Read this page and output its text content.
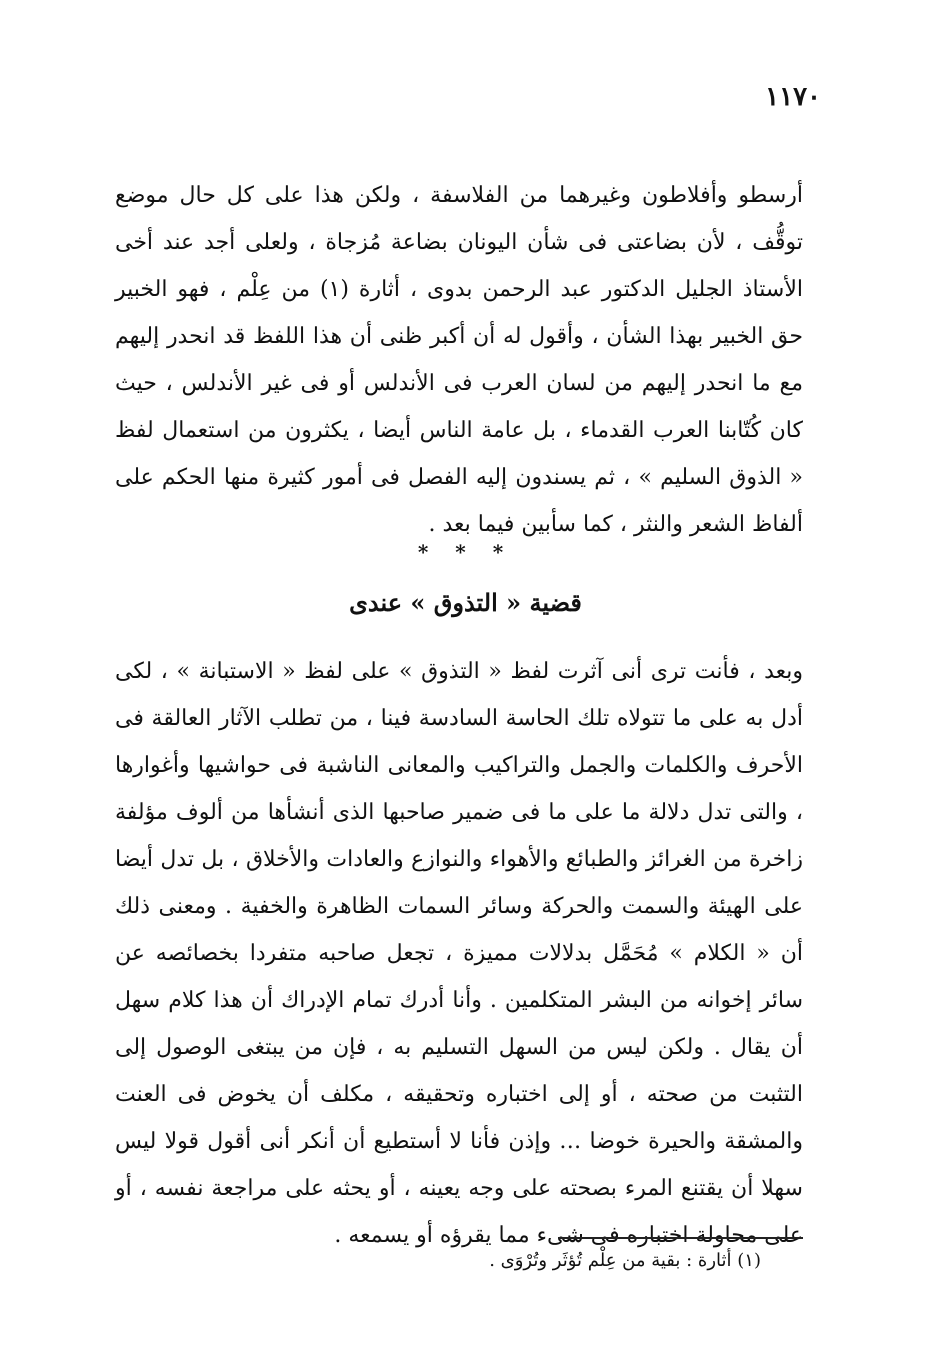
١١٧٠

أرسطو وأفلاطون وغيرهما من الفلاسفة ، ولكن هذا على كل حال موضع توقُّف ، لأن بضاعتى فى شأن اليونان بضاعة مُزجاة ، ولعلى أجد عند أخى الأستاذ الجليل الدكتور عبد الرحمن بدوى ، أثارة (١) من عِلْم ، فهو الخبير حق الخبير بهذا الشأن ، وأقول له أن أكبر ظنى أن هذا اللفظ قد انحدر إليهم مع ما انحدر إليهم من لسان العرب فى الأندلس أو فى غير الأندلس ، حيث كان كُتّابنا العرب القدماء ، بل عامة الناس أيضا ، يكثرون من استعمال لفظ « الذوق السليم » ، ثم يسندون إليه الفصل فى أمور كثيرة منها الحكم على ألفاظ الشعر والنثر ، كما سأبين فيما بعد .

* * *
قضية « التذوق » عندى

وبعد ، فأنت ترى أنى آثرت لفظ « التذوق » على لفظ « الاستبانة » ، لكى أدل به على ما تتولاه تلك الحاسة السادسة فينا ، من تطلب الآثار العالقة فى الأحرف والكلمات والجمل والتراكيب والمعانى الناشبة فى حواشيها وأغوارها ، والتى تدل دلالة ما على ما فى ضمير صاحبها الذى أنشأها من ألوف مؤلفة زاخرة من الغرائز والطبائع والأهواء والنوازع والعادات والأخلاق ، بل تدل أيضا على الهيئة والسمت والحركة وسائر السمات الظاهرة والخفية . ومعنى ذلك أن « الكلام » مُحَمَّل بدلالات مميزة ، تجعل صاحبه متفردا بخصائصه عن سائر إخوانه من البشر المتكلمين . وأنا أدرك تمام الإدراك أن هذا كلام سهل أن يقال . ولكن ليس من السهل التسليم به ، فإن من يبتغى الوصول إلى التثبت من صحته ، أو إلى اختباره وتحقيقه ، مكلف أن يخوض فى العنت والمشقة والحيرة خوضا … وإذن فأنا لا أستطيع أن أنكر أنى أقول قولا ليس سهلا أن يقتنع المرء بصحته على وجه يعينه ، أو يحثه على مراجعة نفسه ، أو على محاولة اختباره فى شىء مما يقرؤه أو يسمعه .

(١) أثارة : بقية من عِلْم تُؤثَر وتُرْوَى .
